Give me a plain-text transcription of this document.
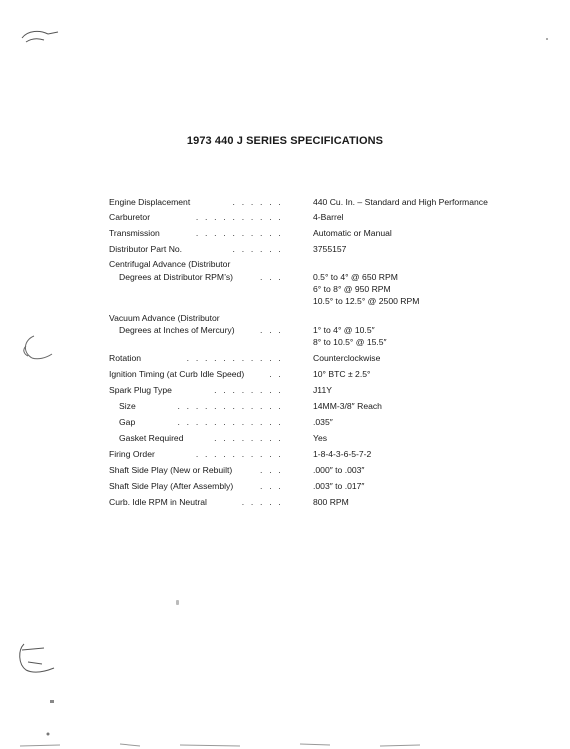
1973 440 J SERIES SPECIFICATIONS
Engine Displacement	. . . . . .	440 Cu. In. – Standard and High Performance
Carburetor	. . . . . . . . . .	4-Barrel
Transmission	. . . . . . . . . .	Automatic or Manual
Distributor Part No.	. . . . . .	3755157
Centrifugal Advance (Distributor
Degrees at Distributor RPM’s)	. . .	0.5° to 4° @ 650 RPM
6° to 8° @ 950 RPM
10.5° to 12.5° @ 2500 RPM
Vacuum Advance (Distributor
Degrees at Inches of Mercury)	. . .	1° to 4° @ 10.5″
8° to 10.5° @ 15.5″
Rotation	. . . . . . . . . . .	Counterclockwise
Ignition Timing (at Curb Idle Speed)	. .	10° BTC ± 2.5°
Spark Plug Type	. . . . . . . .	J11Y
Size	. . . . . . . . . . . .	14MM-3/8″ Reach
Gap	. . . . . . . . . . . .	.035″
Gasket Required	. . . . . . . .	Yes
Firing Order	. . . . . . . . . .	1-8-4-3-6-5-7-2
Shaft Side Play (New or Rebuilt)	. . .	.000″ to .003″
Shaft Side Play (After Assembly)	. . .	.003″ to .017″
Curb. Idle RPM in Neutral	. . . . .	800 RPM
